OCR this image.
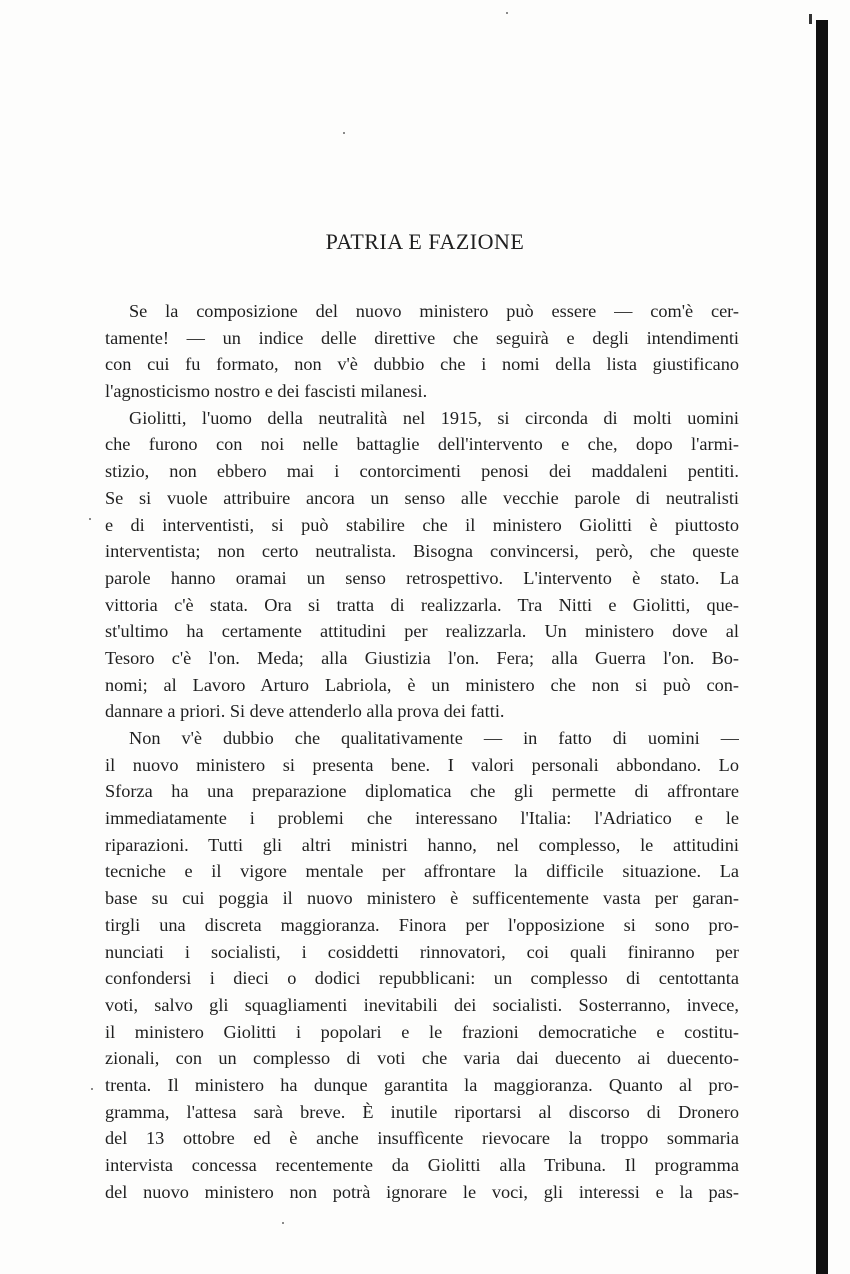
PATRIA E FAZIONE
Se la composizione del nuovo ministero può essere — com'è cer-
tamente! — un indice delle direttive che seguirà e degli intendimenti
con cui fu formato, non v'è dubbio che i nomi della lista giustificano
l'agnosticismo nostro e dei fascisti milanesi.
Giolitti, l'uomo della neutralità nel 1915, si circonda di molti uomini
che furono con noi nelle battaglie dell'intervento e che, dopo l'armi-
stizio, non ebbero mai i contorcimenti penosi dei maddaleni pentiti.
Se si vuole attribuire ancora un senso alle vecchie parole di neutralisti
e di interventisti, si può stabilire che il ministero Giolitti è piuttosto
interventista; non certo neutralista. Bisogna convincersi, però, che queste
parole hanno oramai un senso retrospettivo. L'intervento è stato. La
vittoria c'è stata. Ora si tratta di realizzarla. Tra Nitti e Giolitti, que-
st'ultimo ha certamente attitudini per realizzarla. Un ministero dove al
Tesoro c'è l'on. Meda; alla Giustizia l'on. Fera; alla Guerra l'on. Bo-
nomi; al Lavoro Arturo Labriola, è un ministero che non si può con-
dannare a priori. Si deve attenderlo alla prova dei fatti.
Non v'è dubbio che qualitativamente — in fatto di uomini —
il nuovo ministero si presenta bene. I valori personali abbondano. Lo
Sforza ha una preparazione diplomatica che gli permette di affrontare
immediatamente i problemi che interessano l'Italia: l'Adriatico e le
riparazioni. Tutti gli altri ministri hanno, nel complesso, le attitudini
tecniche e il vigore mentale per affrontare la difficile situazione. La
base su cui poggia il nuovo ministero è sufficentemente vasta per garan-
tirgli una discreta maggioranza. Finora per l'opposizione si sono pro-
nunciati i socialisti, i cosiddetti rinnovatori, coi quali finiranno per
confondersi i dieci o dodici repubblicani: un complesso di centottanta
voti, salvo gli squagliamenti inevitabili dei socialisti. Sosterranno, invece,
il ministero Giolitti i popolari e le frazioni democratiche e costitu-
zionali, con un complesso di voti che varia dai duecento ai duecento-
trenta. Il ministero ha dunque garantita la maggioranza. Quanto al pro-
gramma, l'attesa sarà breve. È inutile riportarsi al discorso di Dronero
del 13 ottobre ed è anche insuffìcente rievocare la troppo sommaria
intervista concessa recentemente da Giolitti alla Tribuna. Il programma
del nuovo ministero non potrà ignorare le voci, gli interessi e la pas-
